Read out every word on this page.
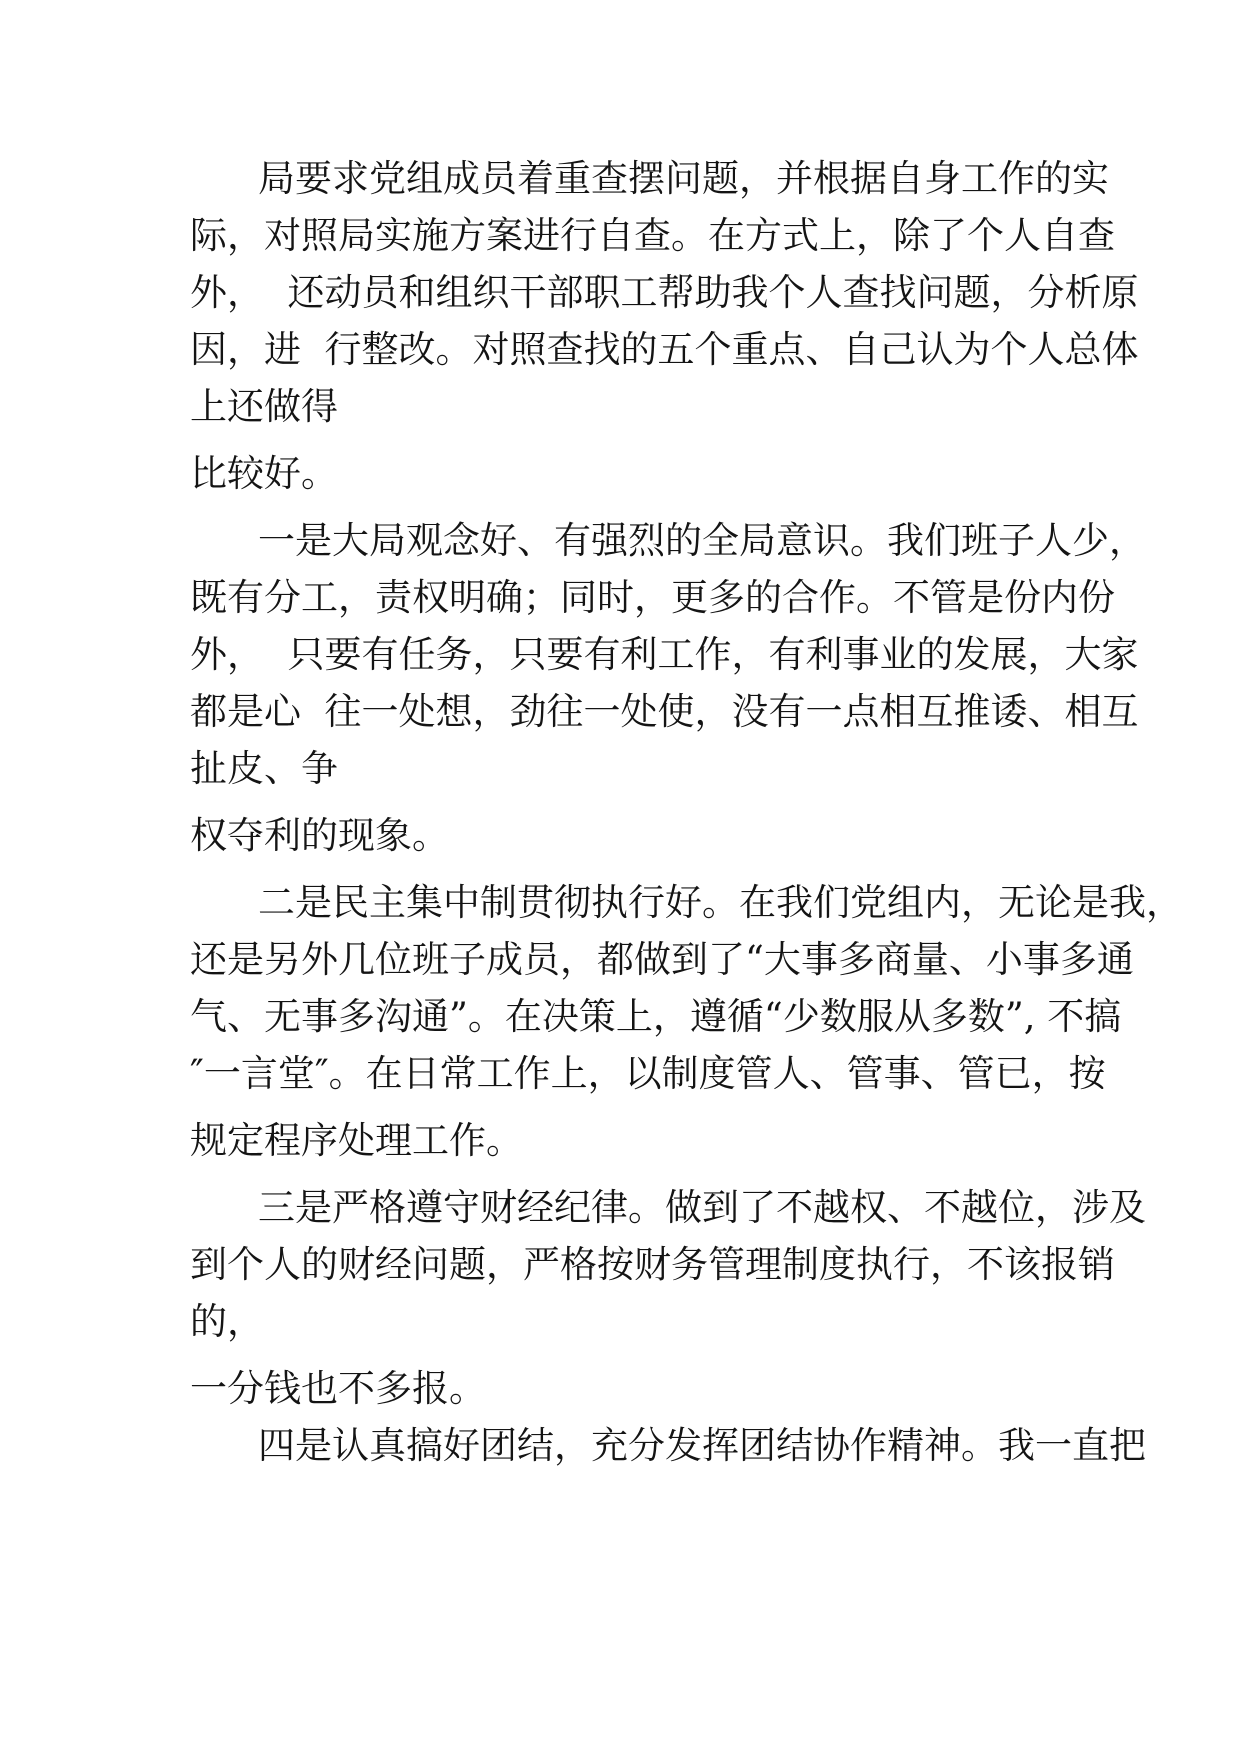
局要求党组成员着重查摆问题，并根据自身工作的实

际，对照局实施方案进行自查。在方式上，除了个人自查

外，  还动员和组织干部职工帮助我个人查找问题，分析原

因，进  行整改。对照查找的五个重点、自己认为个人总体

上还做得

比较好。

一是大局观念好、有强烈的全局意识。我们班子人少，

既有分工，责权明确；同时，更多的合作。不管是份内份

外，  只要有任务，只要有利工作，有利事业的发展，大家

都是心  往一处想，劲往一处使，没有一点相互推诿、相互

扯皮、争

权夺利的现象。

二是民主集中制贯彻执行好。在我们党组内，无论是我，

还是另外几位班子成员，都做到了“大事多商量、小事多通

气、无事多沟通”。在决策上，遵循“少数服从多数”, 不搞

″一言堂″。在日常工作上，以制度管人、管事、管已，按

规定程序处理工作。

三是严格遵守财经纪律。做到了不越权、不越位，涉及

到个人的财经问题，严格按财务管理制度执行，不该报销

的，

一分钱也不多报。

四是认真搞好团结，充分发挥团结协作精神。我一直把
